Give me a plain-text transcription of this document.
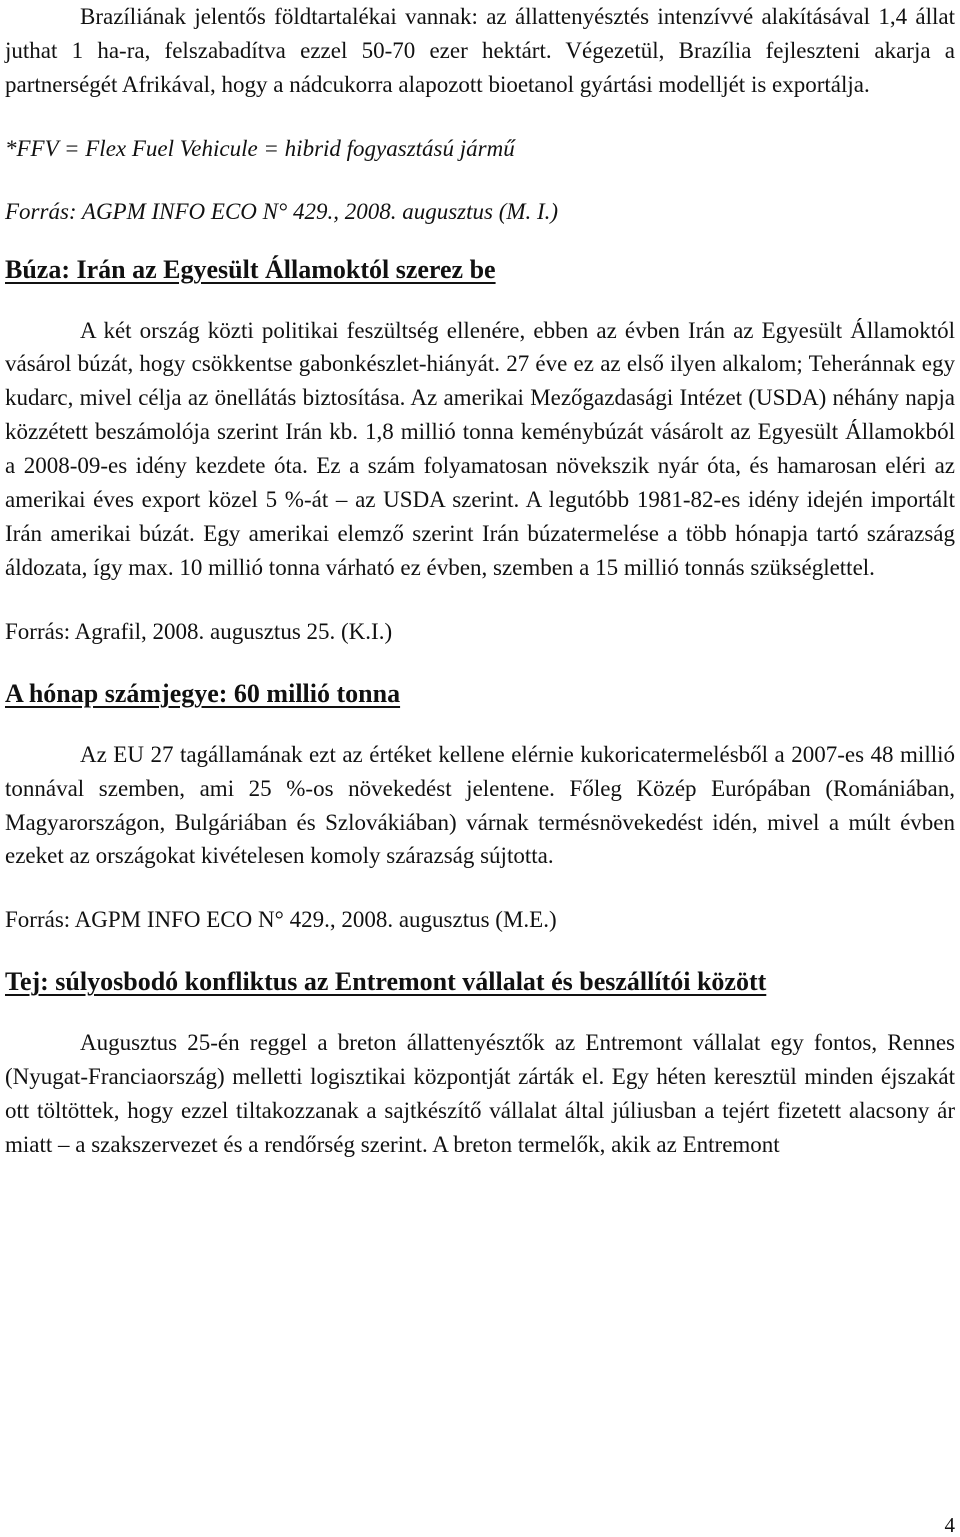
Brazíliának jelentős földtartalékai vannak: az állattenyésztés intenzívvé alakításával 1,4 állat juthat 1 ha-ra, felszabadítva ezzel 50-70 ezer hektárt. Végezetül, Brazília fejleszteni akarja a partnerségét Afrikával, hogy a nádcukorra alapozott bioetanol gyártási modelljét is exportálja.

*FFV = Flex Fuel Vehicule = hibrid fogyasztású jármű

Forrás: AGPM INFO ECO N° 429., 2008. augusztus (M. I.)

Búza: Irán az Egyesült Államoktól szerez be

A két ország közti politikai feszültség ellenére, ebben az évben Irán az Egyesült Államoktól vásárol búzát, hogy csökkentse gabonkészlet-hiányát. 27 éve ez az első ilyen alkalom; Teheránnak egy kudarc, mivel célja az önellátás biztosítása. Az amerikai Mezőgazdasági Intézet (USDA) néhány napja közzétett beszámolója szerint Irán kb. 1,8 millió tonna keménybúzát vásárolt az Egyesült Államokból a 2008-09-es idény kezdete óta. Ez a szám folyamatosan növekszik nyár óta, és hamarosan eléri az amerikai éves export közel 5 %-át – az USDA szerint. A legutóbb 1981-82-es idény idején importált Irán amerikai búzát. Egy amerikai elemző szerint Irán búzatermelése a több hónapja tartó szárazság áldozata, így max. 10 millió tonna várható ez évben, szemben a 15 millió tonnás szükséglettel.

Forrás: Agrafil, 2008. augusztus 25. (K.I.)

A hónap számjegye: 60 millió tonna

Az EU 27 tagállamának ezt az értéket kellene elérnie kukoricatermelésből a 2007-es 48 millió tonnával szemben, ami 25 %-os növekedést jelentene. Főleg Közép Európában (Romániában, Magyarországon, Bulgáriában és Szlovákiában) várnak termésnövekedést idén, mivel a múlt évben ezeket az országokat kivételesen komoly szárazság sújtotta.

Forrás: AGPM INFO ECO N° 429., 2008. augusztus (M.E.)

Tej: súlyosbodó konfliktus az Entremont vállalat és beszállítói között

Augusztus 25-én reggel a breton állattenyésztők az Entremont vállalat egy fontos, Rennes (Nyugat-Franciaország) melletti logisztikai központját zárták el. Egy héten keresztül minden éjszakát ott töltöttek, hogy ezzel tiltakozzanak a sajtkészítő vállalat által júliusban a tejért fizetett alacsony ár miatt – a szakszervezet és a rendőrség szerint. A breton termelők, akik az Entremont

4
